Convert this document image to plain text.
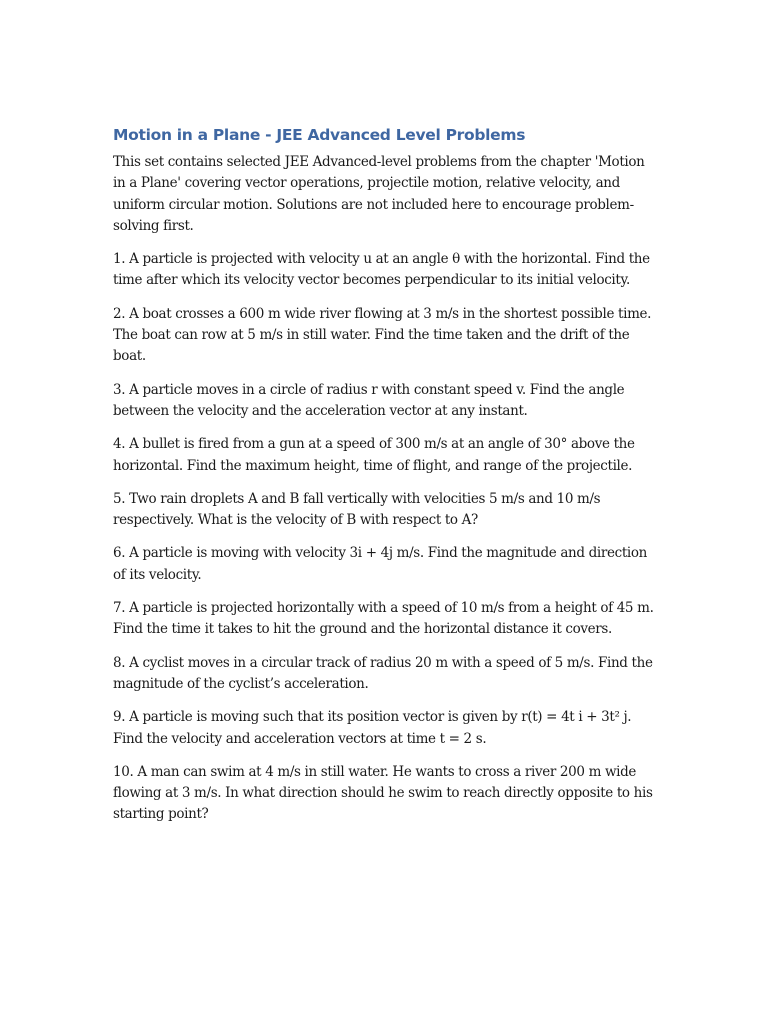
Motion in a Plane - JEE Advanced Level Problems

This set contains selected JEE Advanced-level problems from the chapter 'Motion in a Plane' covering vector operations, projectile motion, relative velocity, and uniform circular motion. Solutions are not included here to encourage problem-solving first.

1. A particle is projected with velocity u at an angle θ with the horizontal. Find the time after which its velocity vector becomes perpendicular to its initial velocity.

2. A boat crosses a 600 m wide river flowing at 3 m/s in the shortest possible time. The boat can row at 5 m/s in still water. Find the time taken and the drift of the boat.

3. A particle moves in a circle of radius r with constant speed v. Find the angle between the velocity and the acceleration vector at any instant.

4. A bullet is fired from a gun at a speed of 300 m/s at an angle of 30° above the horizontal. Find the maximum height, time of flight, and range of the projectile.

5. Two rain droplets A and B fall vertically with velocities 5 m/s and 10 m/s respectively. What is the velocity of B with respect to A?

6. A particle is moving with velocity 3i + 4j m/s. Find the magnitude and direction of its velocity.

7. A particle is projected horizontally with a speed of 10 m/s from a height of 45 m. Find the time it takes to hit the ground and the horizontal distance it covers.

8. A cyclist moves in a circular track of radius 20 m with a speed of 5 m/s. Find the magnitude of the cyclist’s acceleration.

9. A particle is moving such that its position vector is given by r(t) = 4t i + 3t² j. Find the velocity and acceleration vectors at time t = 2 s.

10. A man can swim at 4 m/s in still water. He wants to cross a river 200 m wide flowing at 3 m/s. In what direction should he swim to reach directly opposite to his starting point?
